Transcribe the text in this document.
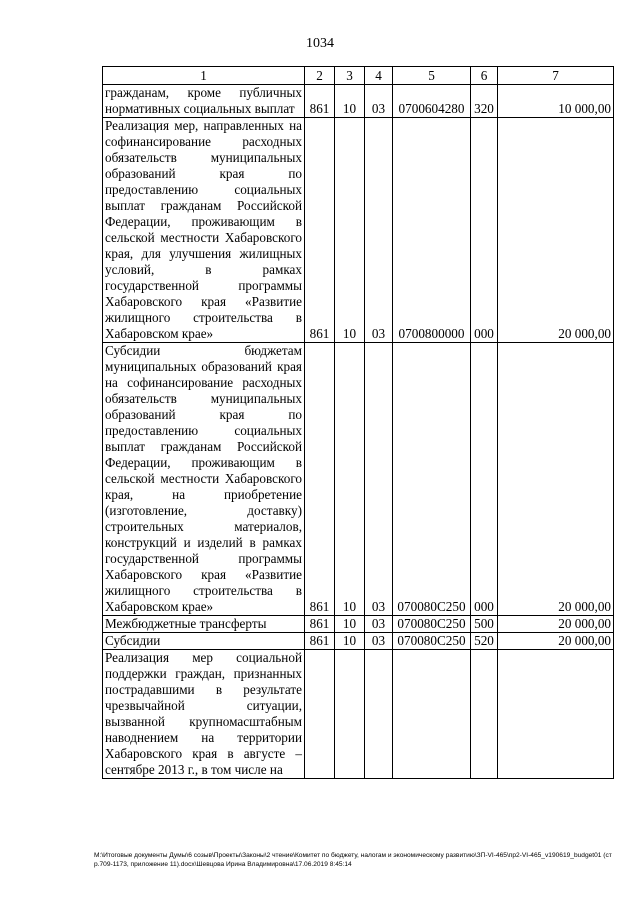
1034
1	2	3	4	5	6	7
гражданам, кроме публичных нормативных социальных выплат	861	10	03	0700604280	320	10 000,00
Реализация мер, направленных на софинансирование расходных обязательств муниципальных образований края по предоставлению социальных выплат гражданам Российской Федерации, проживающим в сельской местности Хабаровского края, для улучшения жилищных условий, в рамках государственной программы Хабаровского края «Развитие жилищного строительства в Хабаровском крае»	861	10	03	0700800000	000	20 000,00
Субсидии бюджетам муниципальных образований края на софинансирование расходных обязательств муниципальных образований края по предоставлению социальных выплат гражданам Российской Федерации, проживающим в сельской местности Хабаровского края, на приобретение (изготовление, доставку) строительных материалов, конструкций и изделий в рамках государственной программы Хабаровского края «Развитие жилищного строительства в Хабаровском крае»	861	10	03	070080С250	000	20 000,00
Межбюджетные трансферты	861	10	03	070080С250	500	20 000,00
Субсидии	861	10	03	070080С250	520	20 000,00
Реализация мер социальной поддержки граждан, признанных пострадавшими в результате чрезвычайной ситуации, вызванной крупномасштабным наводнением на территории Хабаровского края в августе – сентябре 2013 г., в том числе на						
М:\Итоговые документы Думы\6 созыв\Проекты\Законы\2 чтение\Комитет по бюджету, налогам и экономическому развитию\ЗП-VI-465\пр2-VI-465_v190619_budget01 (стр.709-1173, приложение 11).docx\Шевцова Ирина Владимировна\17.06.2019 8:45:14
